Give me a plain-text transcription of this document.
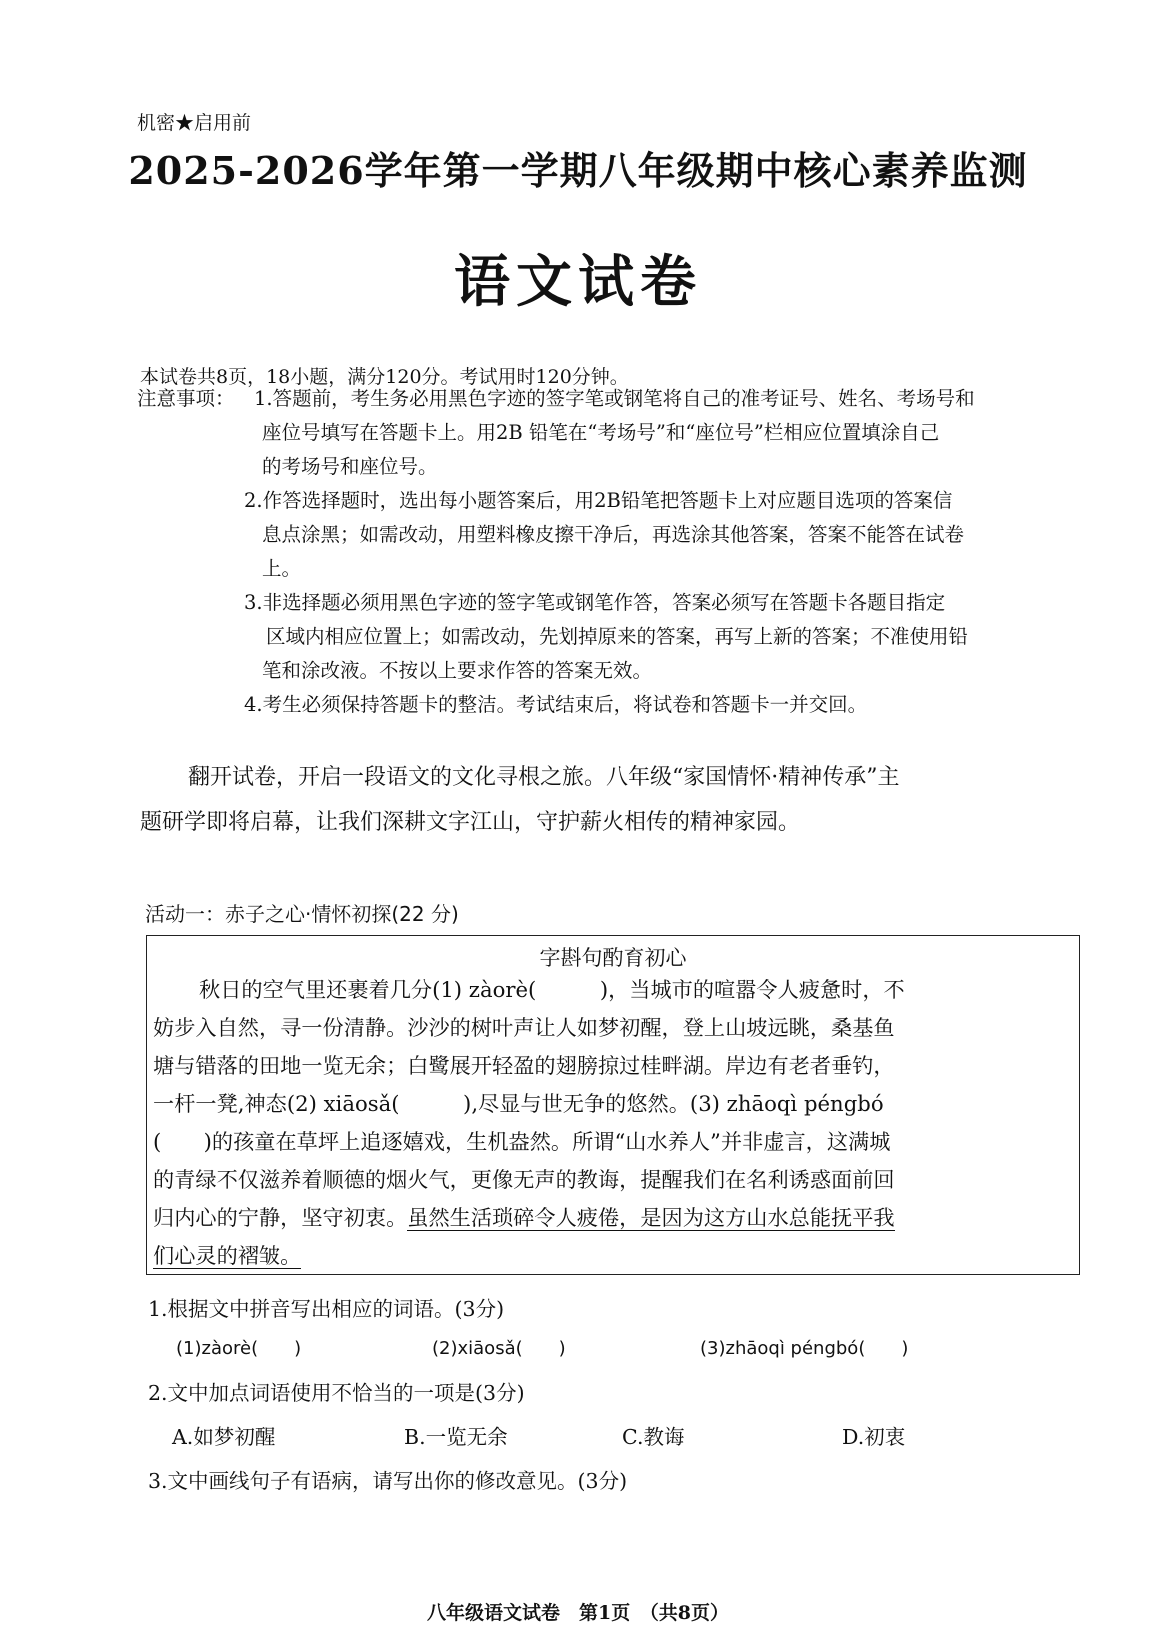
机密★启用前
2025-2026学年第一学期八年级期中核心素养监测
语文试卷
本试卷共8页，18小题，满分120分。考试用时120分钟。
注意事项： 1.答题前，考生务必用黑色字迹的签字笔或钢笔将自己的准考证号、姓名、考场号和
座位号填写在答题卡上。用2B 铅笔在“考场号”和“座位号”栏相应位置填涂自己
的考场号和座位号。
2.作答选择题时，选出每小题答案后，用2B铅笔把答题卡上对应题目选项的答案信
息点涂黑；如需改动，用塑料橡皮擦干净后，再选涂其他答案，答案不能答在试卷
上。
3.非选择题必须用黑色字迹的签字笔或钢笔作答，答案必须写在答题卡各题目指定
区域内相应位置上；如需改动，先划掉原来的答案，再写上新的答案；不准使用铅
笔和涂改液。不按以上要求作答的答案无效。
4.考生必须保持答题卡的整洁。考试结束后，将试卷和答题卡一并交回。
翻开试卷，开启一段语文的文化寻根之旅。八年级“家国情怀·精神传承”主
题研学即将启幕，让我们深耕文字江山，守护薪火相传的精神家园。
活动一：赤子之心·情怀初探(22 分)
字斟句酌育初心
秋日的空气里还裹着几分(1) zàorè(　　　)，当城市的喧嚣令人疲惫时，不
妨步入自然，寻一份清静。沙沙的树叶声让人如梦初醒，登上山坡远眺，桑基鱼
塘与错落的田地一览无余；白鹭展开轻盈的翅膀掠过桂畔湖。岸边有老者垂钓，
一杆一凳,神态(2) xiāosǎ(　　　),尽显与世无争的悠然。(3) zhāoqì péngbó
(　　)的孩童在草坪上追逐嬉戏，生机盎然。所谓“山水养人”并非虚言，这满城
的青绿不仅滋养着顺德的烟火气，更像无声的教诲，提醒我们在名利诱惑面前回
归内心的宁静，坚守初衷。虽然生活琐碎令人疲倦，是因为这方山水总能抚平我
们心灵的褶皱。
1.根据文中拼音写出相应的词语。(3分)
(1)zàorè(　　)	(2)xiāosǎ(　　)	(3)zhāoqì péngbó(　　)
2.文中加点词语使用不恰当的一项是(3分)
A.如梦初醒	B.一览无余	C.教诲	D.初衷
3.文中画线句子有语病，请写出你的修改意见。(3分)
八年级语文试卷　第1页　（共8页）
